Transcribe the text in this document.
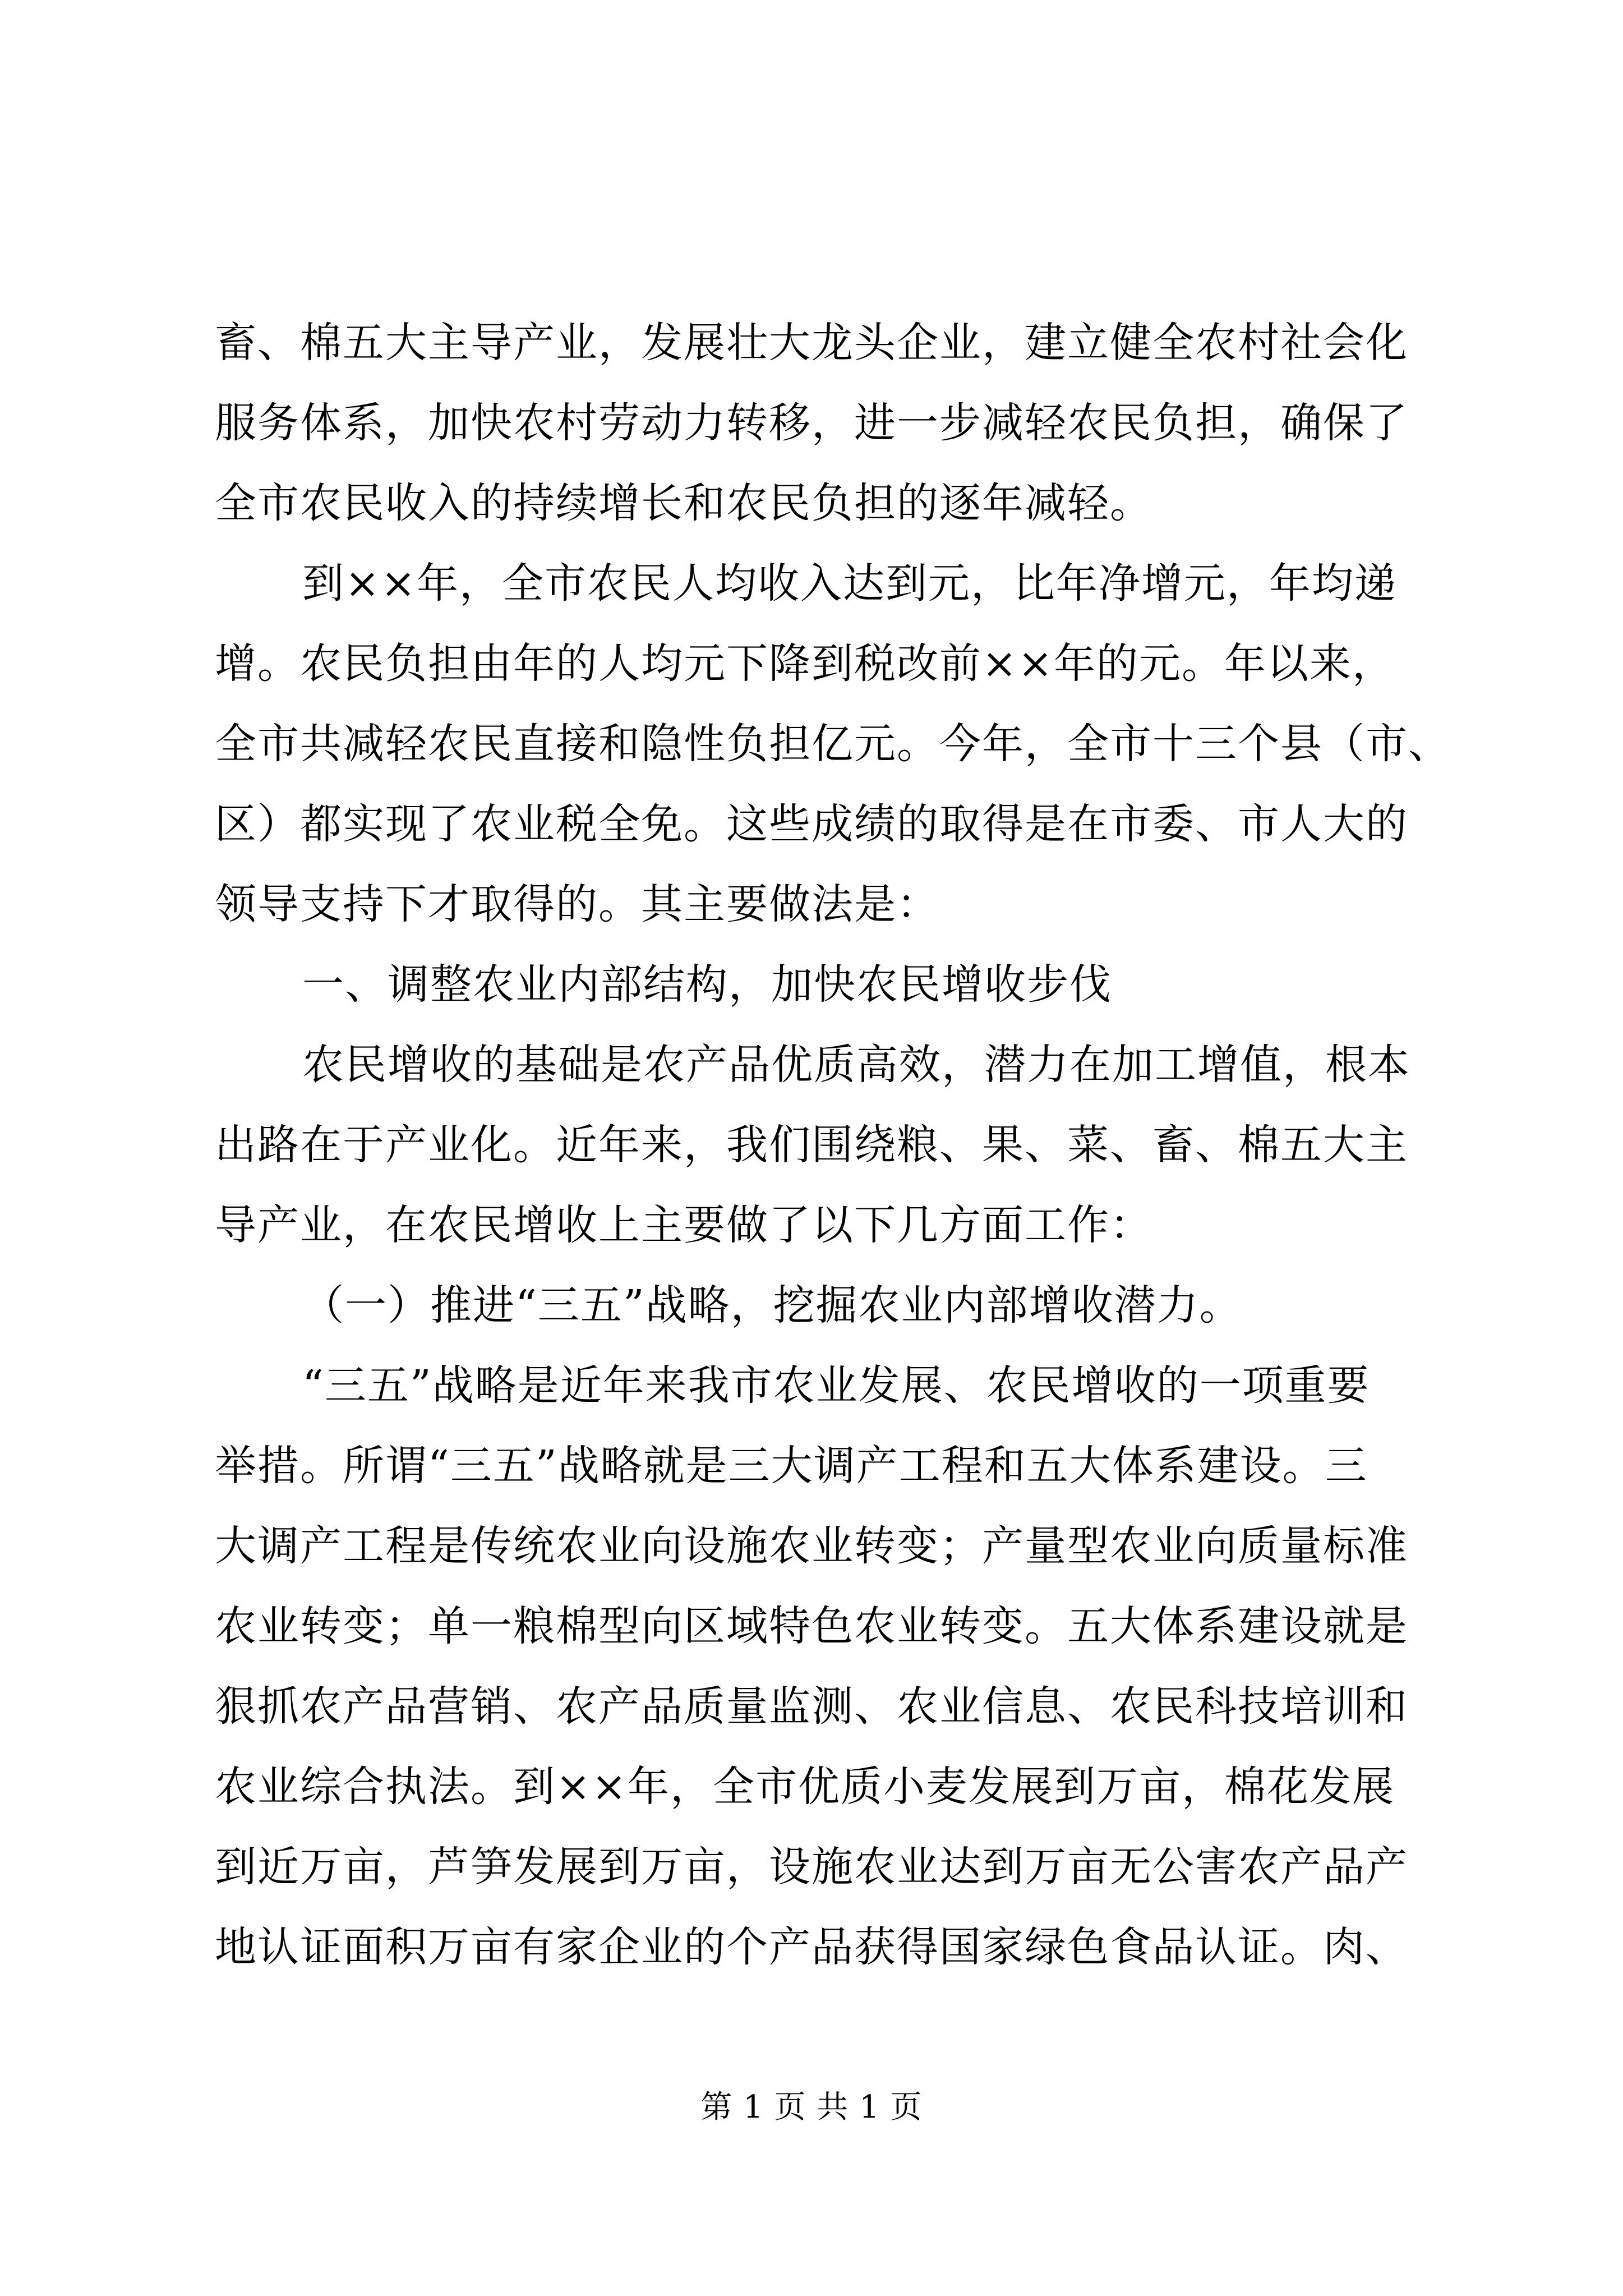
畜、棉五大主导产业，发展壮大龙头企业，建立健全农村社会化
服务体系，加快农村劳动力转移，进一步减轻农民负担，确保了
全市农民收入的持续增长和农民负担的逐年减轻。
到××年，全市农民人均收入达到元，比年净增元，年均递
增。农民负担由年的人均元下降到税改前××年的元。年以来，
全市共减轻农民直接和隐性负担亿元。今年，全市十三个县（市、
区）都实现了农业税全免。这些成绩的取得是在市委、市人大的
领导支持下才取得的。其主要做法是：
一、调整农业内部结构，加快农民增收步伐
农民增收的基础是农产品优质高效，潜力在加工增值，根本
出路在于产业化。近年来，我们围绕粮、果、菜、畜、棉五大主
导产业，在农民增收上主要做了以下几方面工作：
（一）推进“三五”战略，挖掘农业内部增收潜力。
“三五”战略是近年来我市农业发展、农民增收的一项重要
举措。所谓“三五”战略就是三大调产工程和五大体系建设。三
大调产工程是传统农业向设施农业转变；产量型农业向质量标准
农业转变；单一粮棉型向区域特色农业转变。五大体系建设就是
狠抓农产品营销、农产品质量监测、农业信息、农民科技培训和
农业综合执法。到××年，全市优质小麦发展到万亩，棉花发展
到近万亩，芦笋发展到万亩，设施农业达到万亩无公害农产品产
地认证面积万亩有家企业的个产品获得国家绿色食品认证。肉、
第 1 页 共 1 页
